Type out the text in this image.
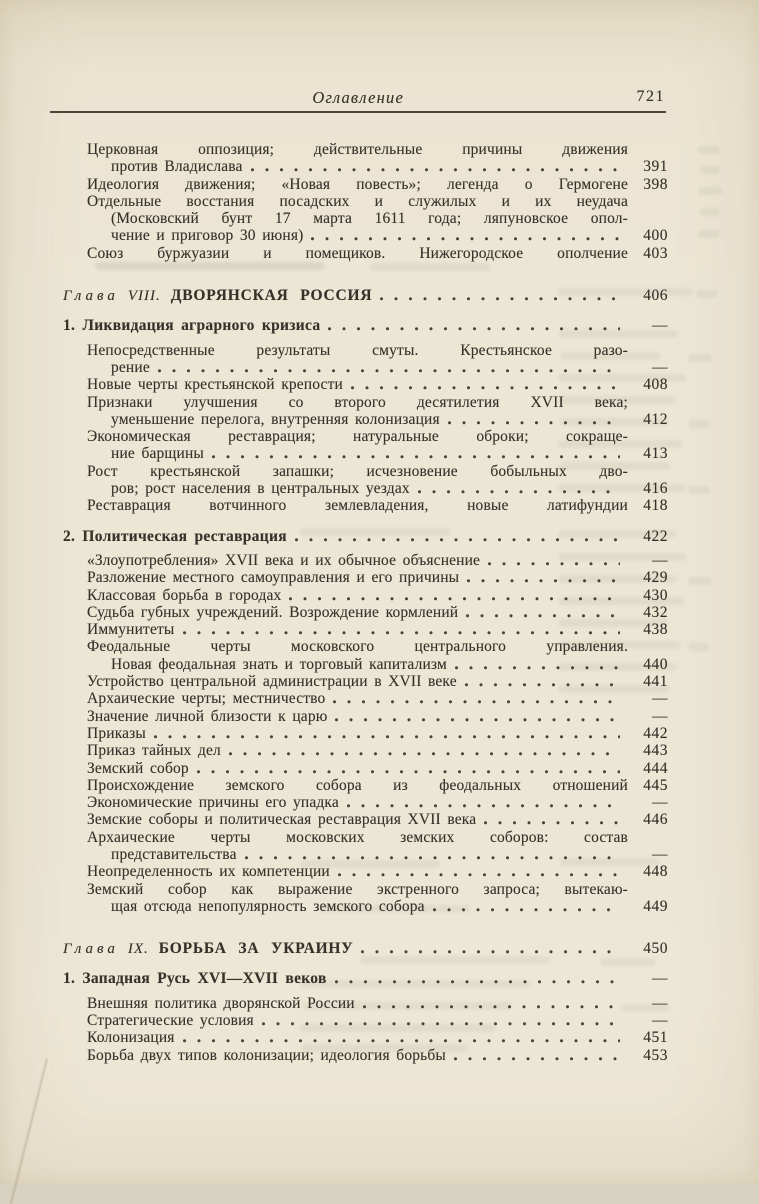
Оглавление	721
Церковная оппозиция; действительные причины движения
против Владислава	391
Идеология движения; «Новая повесть»; легенда о Гермогене 398
Отдельные восстания посадских и служилых и их неудача
(Московский бунт 17 марта 1611 года; ляпуновское опол-
чение и приговор 30 июня)	400
Союз буржуазии и помещиков. Нижегородское ополчение 403
Глава VIII. ДВОРЯНСКАЯ РОССИЯ	406
1. Ликвидация аграрного кризиса	—
Непосредственные результаты смуты. Крестьянское разо-
рение	—
Новые черты крестьянской крепости	408
Признаки улучшения со второго десятилетия XVII века;
уменьшение перелога, внутренняя колонизация	412
Экономическая реставрация; натуральные оброки; сокраще-
ние барщины	413
Рост крестьянской запашки; исчезновение бобыльных дво-
ров; рост населения в центральных уездах	416
Реставрация вотчинного землевладения, новые латифундии 418
2. Политическая реставрация	422
«Злоупотребления» XVII века и их обычное объяснение	—
Разложение местного самоуправления и его причины	429
Классовая борьба в городах	430
Судьба губных учреждений. Возрождение кормлений	432
Иммунитеты	438
Феодальные черты московского центрального управления.
Новая феодальная знать и торговый капитализм	440
Устройство центральной администрации в XVII веке	441
Архаические черты; местничество	—
Значение личной близости к царю	—
Приказы	442
Приказ тайных дел	443
Земский собор	444
Происхождение земского собора из феодальных отношений 445
Экономические причины его упадка	—
Земские соборы и политическая реставрация XVII века	446
Архаические черты московских земских соборов: состав
представительства	—
Неопределенность их компетенции	448
Земский собор как выражение экстренного запроса; вытекаю-
щая отсюда непопулярность земского собора	449
Глава IX. БОРЬБА ЗА УКРАИНУ	450
1. Западная Русь XVI—XVII веков	—
Внешняя политика дворянской России	—
Стратегические условия	—
Колонизация	451
Борьба двух типов колонизации; идеология борьбы	453
